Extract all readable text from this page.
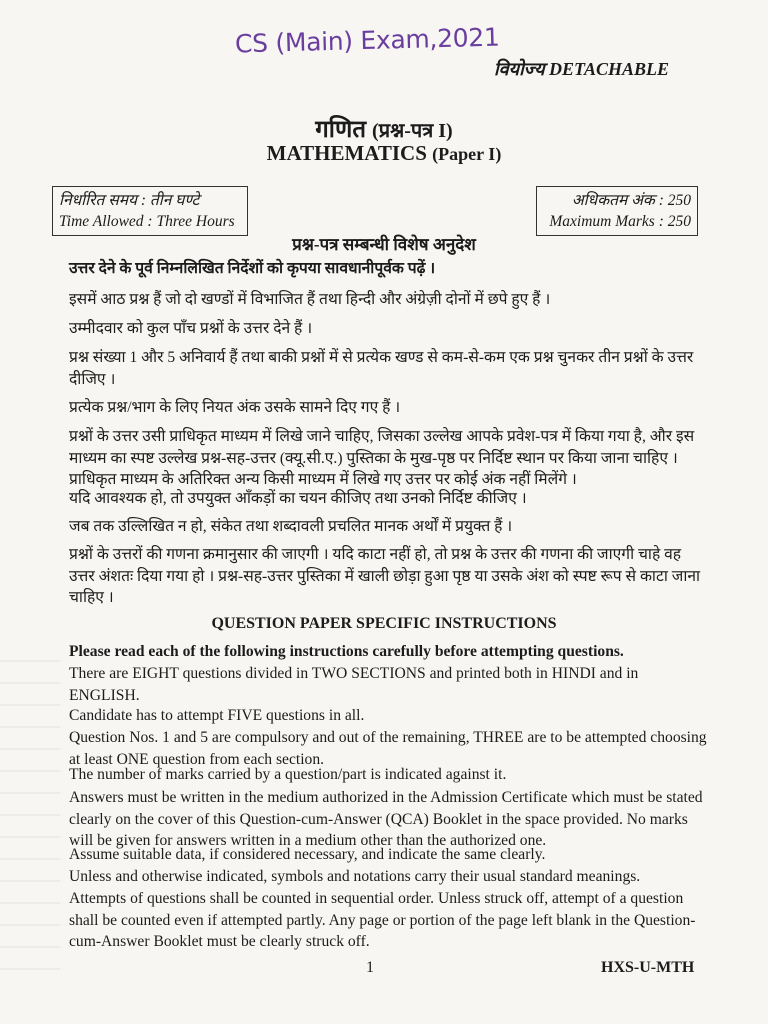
CS (Main) Exam,2021
वियोज्य DETACHABLE
गणित (प्रश्न-पत्र I)
MATHEMATICS (Paper I)
निर्धारित समय : तीन घण्टे
Time Allowed : Three Hours
अधिकतम अंक : 250
Maximum Marks : 250
प्रश्न-पत्र सम्बन्धी विशेष अनुदेश
उत्तर देने के पूर्व निम्नलिखित निर्देशों को कृपया सावधानीपूर्वक पढ़ें ।
इसमें आठ प्रश्न हैं जो दो खण्डों में विभाजित हैं तथा हिन्दी और अंग्रेज़ी दोनों में छपे हुए हैं ।
उम्मीदवार को कुल पाँच प्रश्नों के उत्तर देने हैं ।
प्रश्न संख्या 1 और 5 अनिवार्य हैं तथा बाकी प्रश्नों में से प्रत्येक खण्ड से कम-से-कम एक प्रश्न चुनकर तीन प्रश्नों के उत्तर दीजिए ।
प्रत्येक प्रश्न/भाग के लिए नियत अंक उसके सामने दिए गए हैं ।
प्रश्नों के उत्तर उसी प्राधिकृत माध्यम में लिखे जाने चाहिए, जिसका उल्लेख आपके प्रवेश-पत्र में किया गया है, और इस माध्यम का स्पष्ट उल्लेख प्रश्न-सह-उत्तर (क्यू.सी.ए.) पुस्तिका के मुख-पृष्ठ पर निर्दिष्ट स्थान पर किया जाना चाहिए । प्राधिकृत माध्यम के अतिरिक्त अन्य किसी माध्यम में लिखे गए उत्तर पर कोई अंक नहीं मिलेंगे ।
यदि आवश्यक हो, तो उपयुक्त आँकड़ों का चयन कीजिए तथा उनको निर्दिष्ट कीजिए ।
जब तक उल्लिखित न हो, संकेत तथा शब्दावली प्रचलित मानक अर्थों में प्रयुक्त हैं ।
प्रश्नों के उत्तरों की गणना क्रमानुसार की जाएगी । यदि काटा नहीं हो, तो प्रश्न के उत्तर की गणना की जाएगी चाहे वह उत्तर अंशतः दिया गया हो । प्रश्न-सह-उत्तर पुस्तिका में खाली छोड़ा हुआ पृष्ठ या उसके अंश को स्पष्ट रूप से काटा जाना चाहिए ।
QUESTION PAPER SPECIFIC INSTRUCTIONS
Please read each of the following instructions carefully before attempting questions.
There are EIGHT questions divided in TWO SECTIONS and printed both in HINDI and in ENGLISH.
Candidate has to attempt FIVE questions in all.
Question Nos. 1 and 5 are compulsory and out of the remaining, THREE are to be attempted choosing at least ONE question from each section.
The number of marks carried by a question/part is indicated against it.
Answers must be written in the medium authorized in the Admission Certificate which must be stated clearly on the cover of this Question-cum-Answer (QCA) Booklet in the space provided. No marks will be given for answers written in a medium other than the authorized one.
Assume suitable data, if considered necessary, and indicate the same clearly.
Unless and otherwise indicated, symbols and notations carry their usual standard meanings.
Attempts of questions shall be counted in sequential order. Unless struck off, attempt of a question shall be counted even if attempted partly. Any page or portion of the page left blank in the Question-cum-Answer Booklet must be clearly struck off.
1	HXS-U-MTH
